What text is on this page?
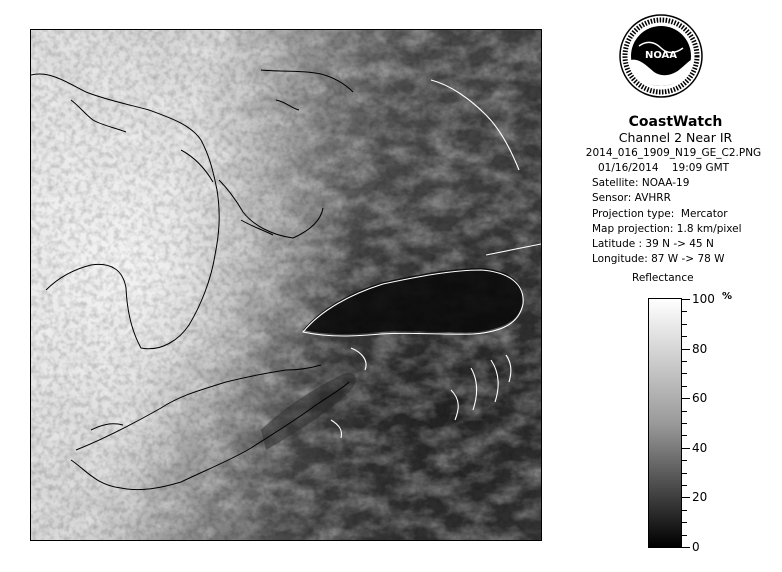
NOAA
CoastWatch
Channel 2 Near IR
2014_016_1909_N19_GE_C2.PNG
01/16/2014    19:09 GMT
Satellite: NOAA-19
Sensor: AVHRR
Projection type:  Mercator
Map projection: 1.8 km/pixel
Latitude : 39 N -> 45 N
Longitude: 87 W -> 78 W
Reflectance
%
0
20
40
60
80
100
